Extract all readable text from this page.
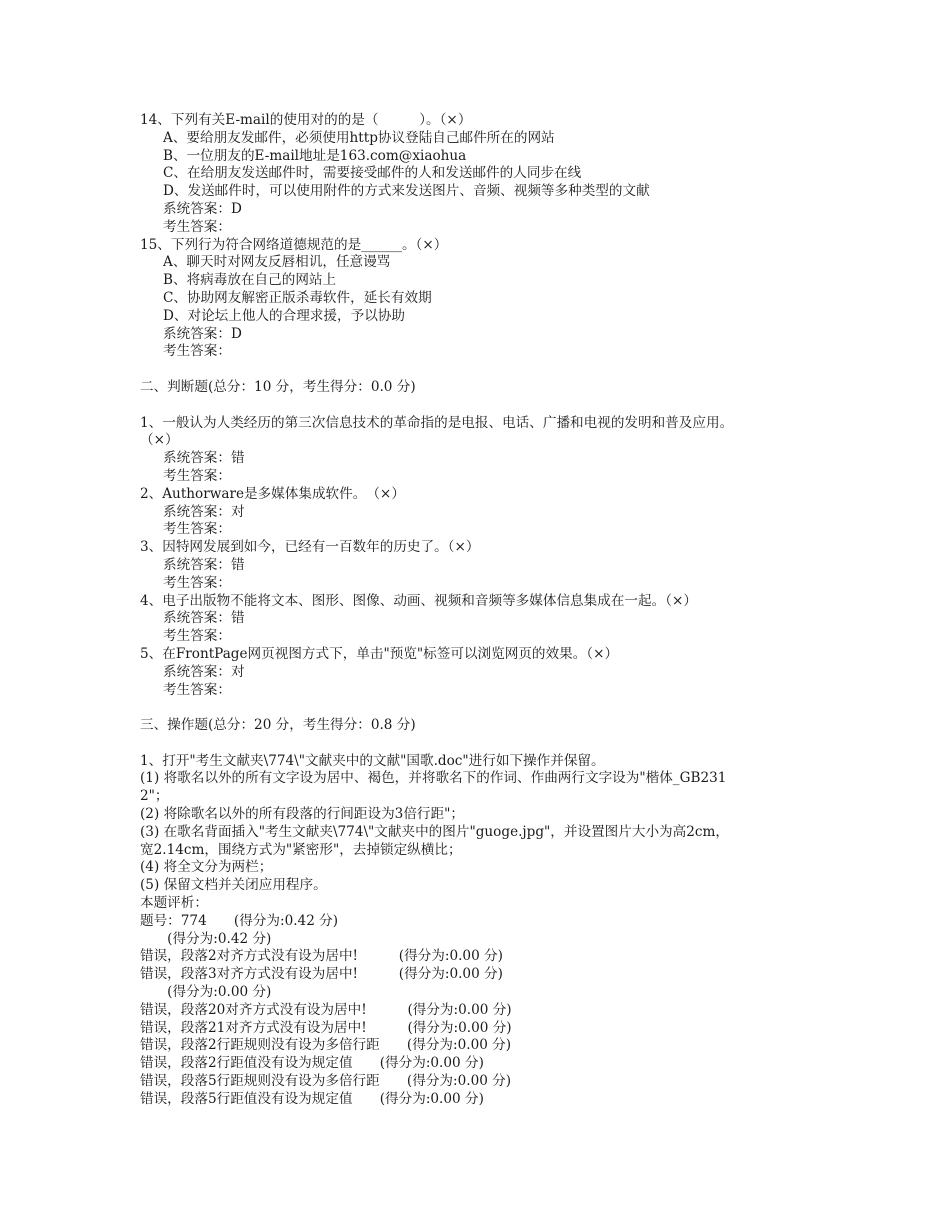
14、下列有关E-mail的使用对的的是（　　　）。（×）
A、要给朋友发邮件，必须使用http协议登陆自己邮件所在的网站
B、一位朋友的E-mail地址是163.com@xiaohua
C、在给朋友发送邮件时，需要接受邮件的人和发送邮件的人同步在线
D、发送邮件时，可以使用附件的方式来发送图片、音频、视频等多种类型的文献
系统答案：D
考生答案：
15、下列行为符合网络道德规范的是______。（×）
A、聊天时对网友反唇相讥，任意谩骂
B、将病毒放在自己的网站上
C、协助网友解密正版杀毒软件，延长有效期
D、对论坛上他人的合理求援，予以协助
系统答案：D
考生答案：
二、判断题(总分：10 分，考生得分：0.0 分)
1、一般认为人类经历的第三次信息技术的革命指的是电报、电话、广播和电视的发明和普及应用。
（×）
系统答案：错
考生答案：
2、Authorware是多媒体集成软件。　（×）
系统答案：对
考生答案：
3、因特网发展到如今，已经有一百数年的历史了。（×）
系统答案：错
考生答案：
4、电子出版物不能将文本、图形、图像、动画、视频和音频等多媒体信息集成在一起。（×）
系统答案：错
考生答案：
5、在FrontPage网页视图方式下，单击"预览"标签可以浏览网页的效果。（×）
系统答案：对
考生答案：
三、操作题(总分：20 分，考生得分：0.8 分)
1、打开"考生文献夹\774\"文献夹中的文献"国歌.doc"进行如下操作并保留。
(1) 将歌名以外的所有文字设为居中、褐色，并将歌名下的作词、作曲两行文字设为"楷体_GB231
2"；
(2) 将除歌名以外的所有段落的行间距设为3倍行距"；
(3) 在歌名背面插入"考生文献夹\774\"文献夹中的图片"guoge.jpg"，并设置图片大小为高2cm，
宽2.14cm，围绕方式为"紧密形"，去掉锁定纵横比；
(4) 将全文分为两栏；
(5) 保留文档并关闭应用程序。
本题评析：
题号：774　　(得分为:0.42 分)
　　(得分为:0.42 分)
错误，段落2对齐方式没有设为居中!　　　(得分为:0.00 分)
错误，段落3对齐方式没有设为居中!　　　(得分为:0.00 分)
　　(得分为:0.00 分)
错误，段落20对齐方式没有设为居中!　　　(得分为:0.00 分)
错误，段落21对齐方式没有设为居中!　　　(得分为:0.00 分)
错误，段落2行距规则没有设为多倍行距　　(得分为:0.00 分)
错误，段落2行距值没有设为规定值　　(得分为:0.00 分)
错误，段落5行距规则没有设为多倍行距　　(得分为:0.00 分)
错误，段落5行距值没有设为规定值　　(得分为:0.00 分)
